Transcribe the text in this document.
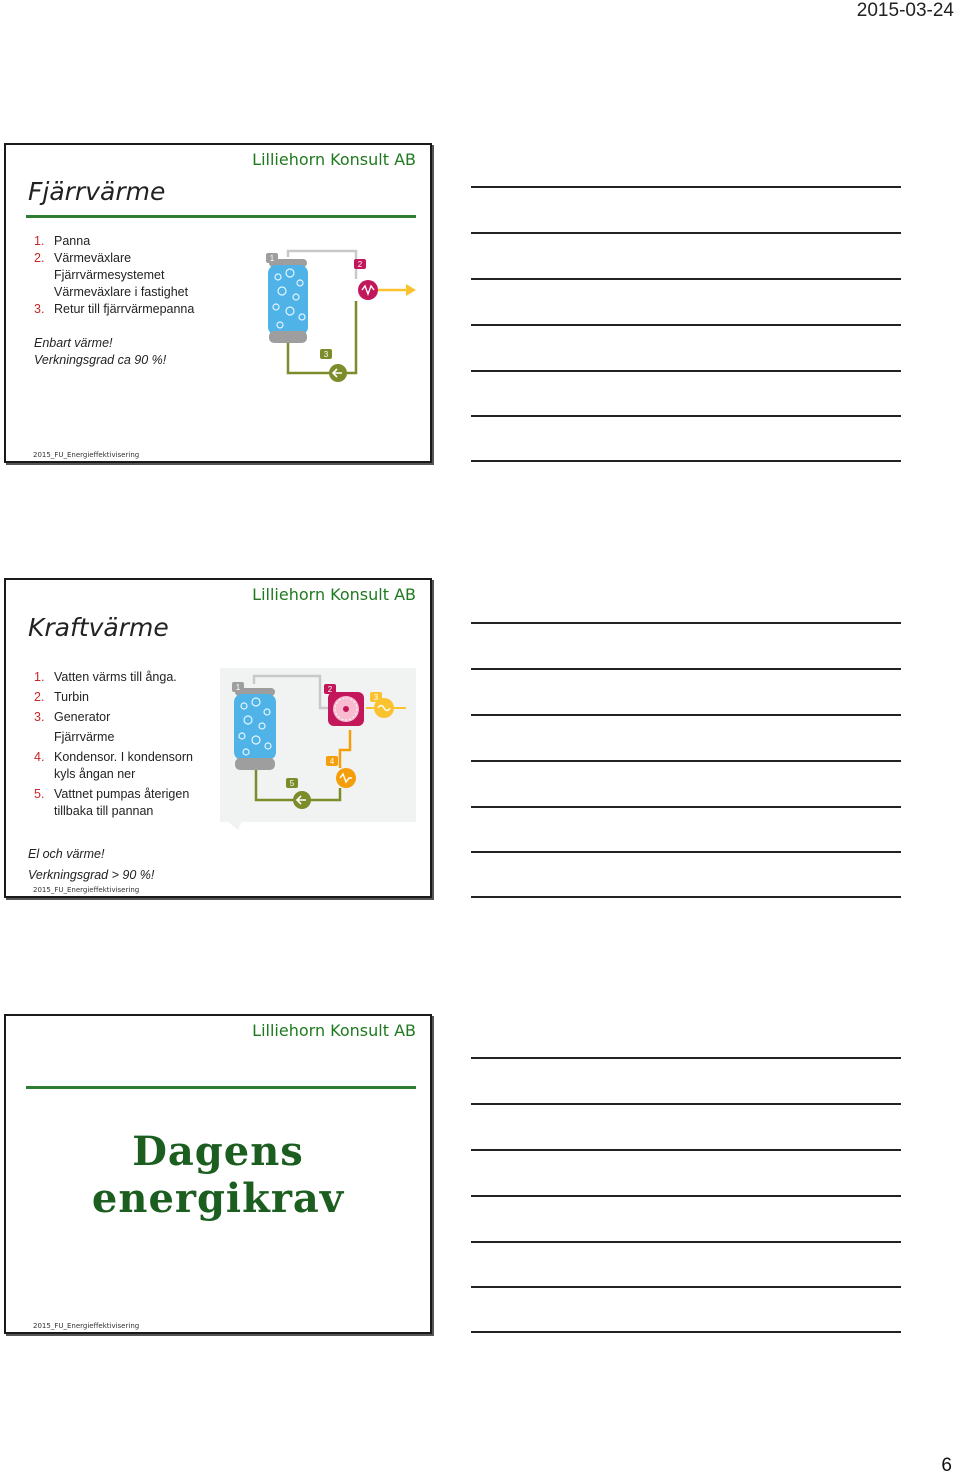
2015-03-24
Lilliehorn Konsult AB
Fjärrvärme
1. Panna
2. Värmeväxlare
Fjärrvärmesystemet
Värmeväxlare i fastighet
3. Retur till fjärrvärmepanna
Enbart värme!
Verkningsgrad ca 90 %!
1
2
3
2015_FU_Energieffektivisering
Lilliehorn Konsult AB
Kraftvärme
1. Vatten värms till ånga.
2. Turbin
3. Generator
Fjärrvärme
4. Kondensor. I kondensorn
kyls ångan ner
5. Vattnet pumpas återigen
tillbaka till pannan
El och värme!
Verkningsgrad > 90 %!
1	2
3
4
5
2015_FU_Energieffektivisering
Lilliehorn Konsult AB
Dagens energikrav
2015_FU_Energieffektivisering
6
